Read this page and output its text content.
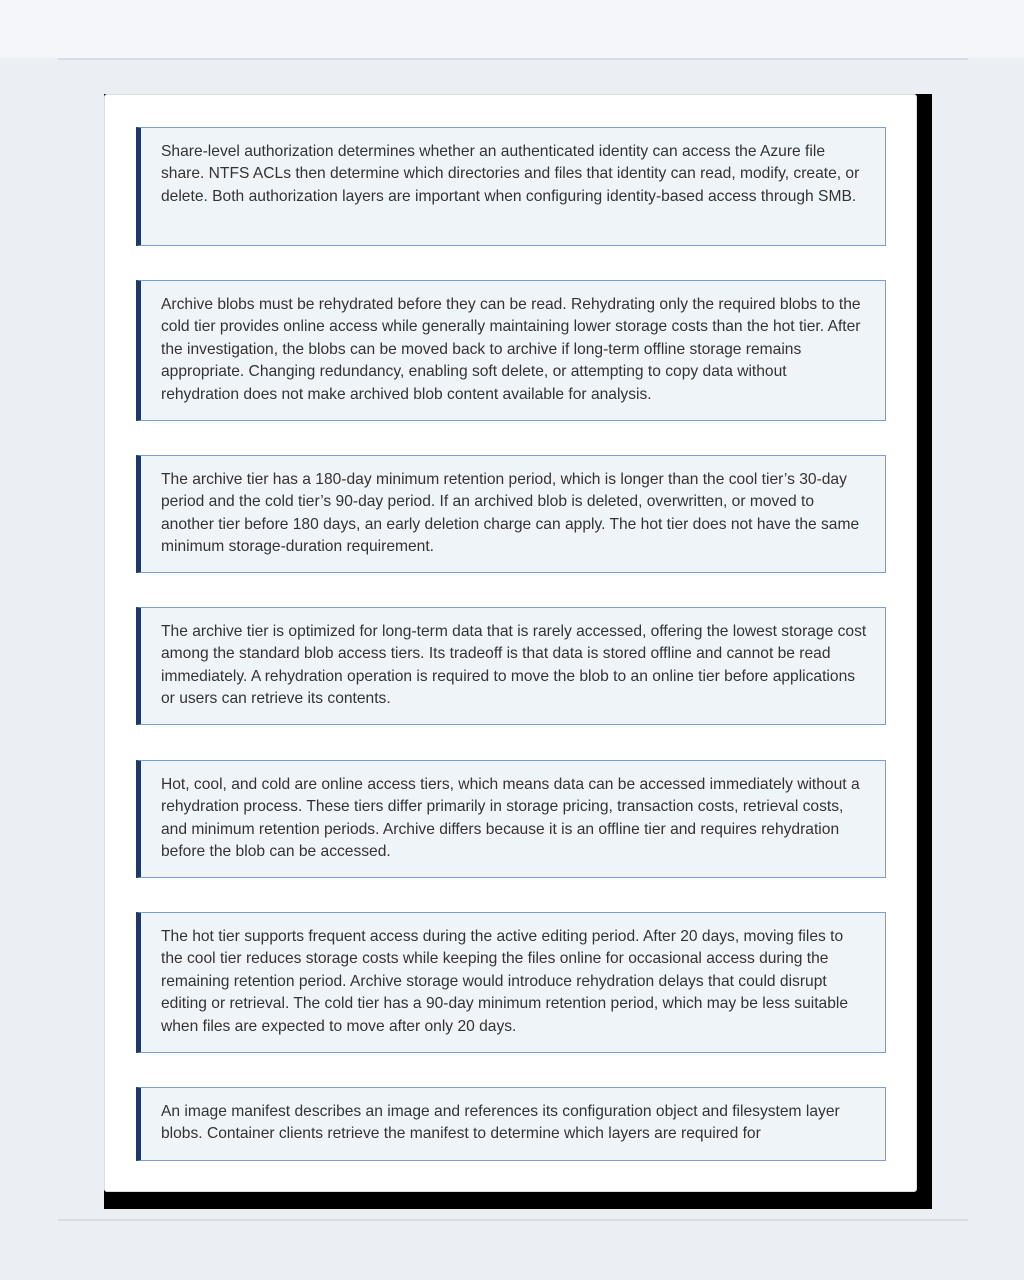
Share-level authorization determines whether an authenticated identity can access the Azure file share. NTFS ACLs then determine which directories and files that identity can read, modify, create, or delete. Both authorization layers are important when configuring identity-based access through SMB.

Archive blobs must be rehydrated before they can be read. Rehydrating only the required blobs to the cold tier provides online access while generally maintaining lower storage costs than the hot tier. After the investigation, the blobs can be moved back to archive if long-term offline storage remains appropriate. Changing redundancy, enabling soft delete, or attempting to copy data without rehydration does not make archived blob content available for analysis.

The archive tier has a 180-day minimum retention period, which is longer than the cool tier’s 30-day period and the cold tier’s 90-day period. If an archived blob is deleted, overwritten, or moved to another tier before 180 days, an early deletion charge can apply. The hot tier does not have the same minimum storage-duration requirement.

The archive tier is optimized for long-term data that is rarely accessed, offering the lowest storage cost among the standard blob access tiers. Its tradeoff is that data is stored offline and cannot be read immediately. A rehydration operation is required to move the blob to an online tier before applications or users can retrieve its contents.

Hot, cool, and cold are online access tiers, which means data can be accessed immediately without a rehydration process. These tiers differ primarily in storage pricing, transaction costs, retrieval costs, and minimum retention periods. Archive differs because it is an offline tier and requires rehydration before the blob can be accessed.

The hot tier supports frequent access during the active editing period. After 20 days, moving files to the cool tier reduces storage costs while keeping the files online for occasional access during the remaining retention period. Archive storage would introduce rehydration delays that could disrupt editing or retrieval. The cold tier has a 90-day minimum retention period, which may be less suitable when files are expected to move after only 20 days.

An image manifest describes an image and references its configuration object and filesystem layer blobs. Container clients retrieve the manifest to determine which layers are required for
